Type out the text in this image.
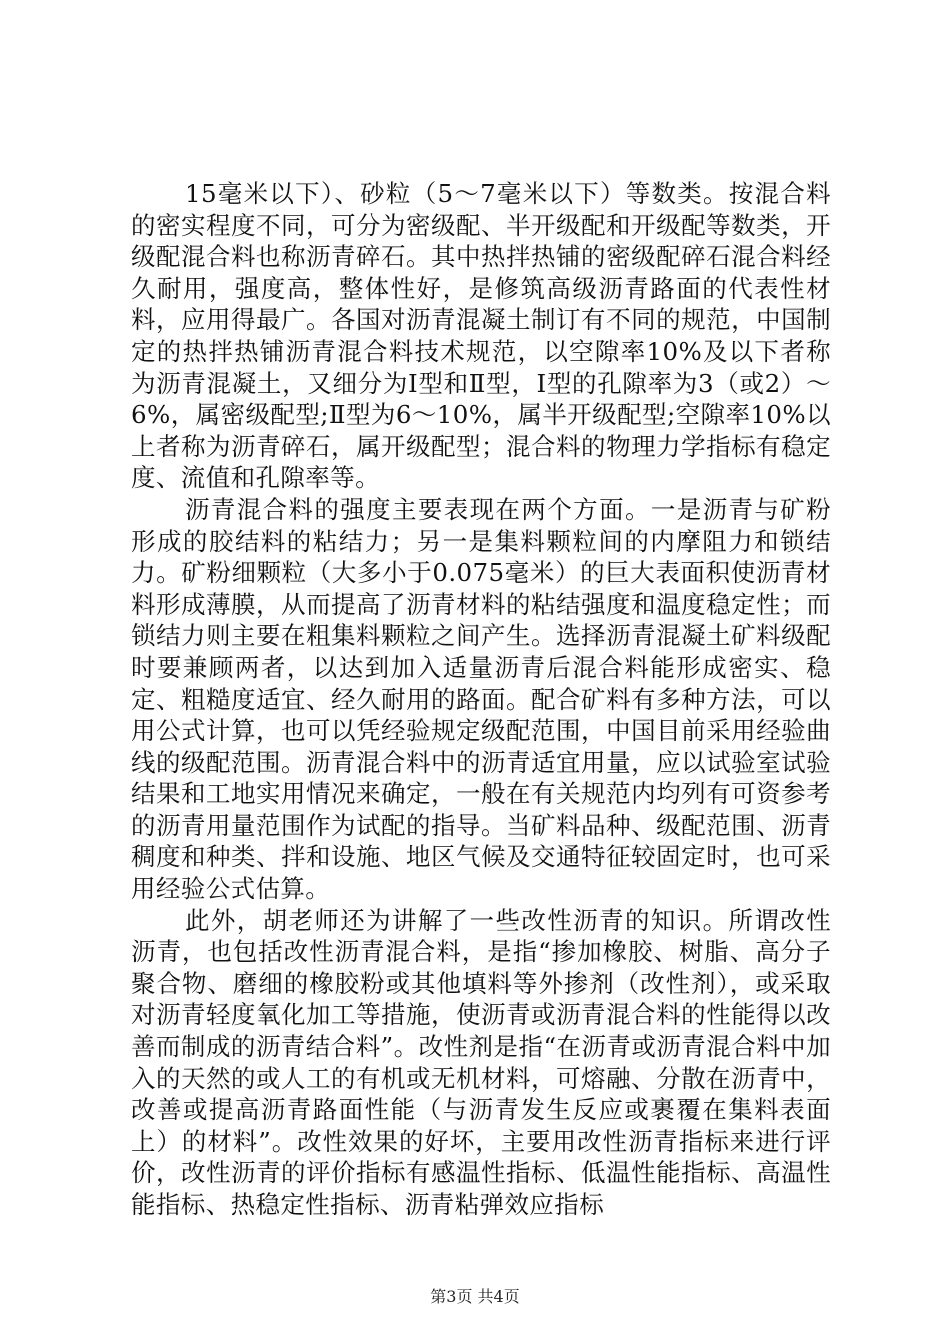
15毫米以下）、砂粒（5～7毫米以下）等数类。按混合料的密实程度不同，可分为密级配、半开级配和开级配等数类，开级配混合料也称沥青碎石。其中热拌热铺的密级配碎石混合料经久耐用，强度高，整体性好，是修筑高级沥青路面的代表性材料，应用得最广。各国对沥青混凝土制订有不同的规范，中国制定的热拌热铺沥青混合料技术规范，以空隙率10%及以下者称为沥青混凝土，又细分为Ⅰ型和Ⅱ型，Ⅰ型的孔隙率为3（或2）～6%，属密级配型;Ⅱ型为6～10%，属半开级配型;空隙率10%以上者称为沥青碎石，属开级配型；混合料的物理力学指标有稳定度、流值和孔隙率等。

沥青混合料的强度主要表现在两个方面。一是沥青与矿粉形成的胶结料的粘结力；另一是集料颗粒间的内摩阻力和锁结力。矿粉细颗粒（大多小于0.075毫米）的巨大表面积使沥青材料形成薄膜，从而提高了沥青材料的粘结强度和温度稳定性；而锁结力则主要在粗集料颗粒之间产生。选择沥青混凝土矿料级配时要兼顾两者，以达到加入适量沥青后混合料能形成密实、稳定、粗糙度适宜、经久耐用的路面。配合矿料有多种方法，可以用公式计算，也可以凭经验规定级配范围，中国目前采用经验曲线的级配范围。沥青混合料中的沥青适宜用量，应以试验室试验结果和工地实用情况来确定，一般在有关规范内均列有可资参考的沥青用量范围作为试配的指导。当矿料品种、级配范围、沥青稠度和种类、拌和设施、地区气候及交通特征较固定时，也可采用经验公式估算。

此外，胡老师还为讲解了一些改性沥青的知识。所谓改性沥青，也包括改性沥青混合料，是指“掺加橡胶、树脂、高分子聚合物、磨细的橡胶粉或其他填料等外掺剂（改性剂），或采取对沥青轻度氧化加工等措施，使沥青或沥青混合料的性能得以改善而制成的沥青结合料”。改性剂是指“在沥青或沥青混合料中加入的天然的或人工的有机或无机材料，可熔融、分散在沥青中，改善或提高沥青路面性能（与沥青发生反应或裹覆在集料表面上）的材料”。改性效果的好坏，主要用改性沥青指标来进行评价，改性沥青的评价指标有感温性指标、低温性能指标、高温性能指标、热稳定性指标、沥青粘弹效应指标

第3页 共4页
